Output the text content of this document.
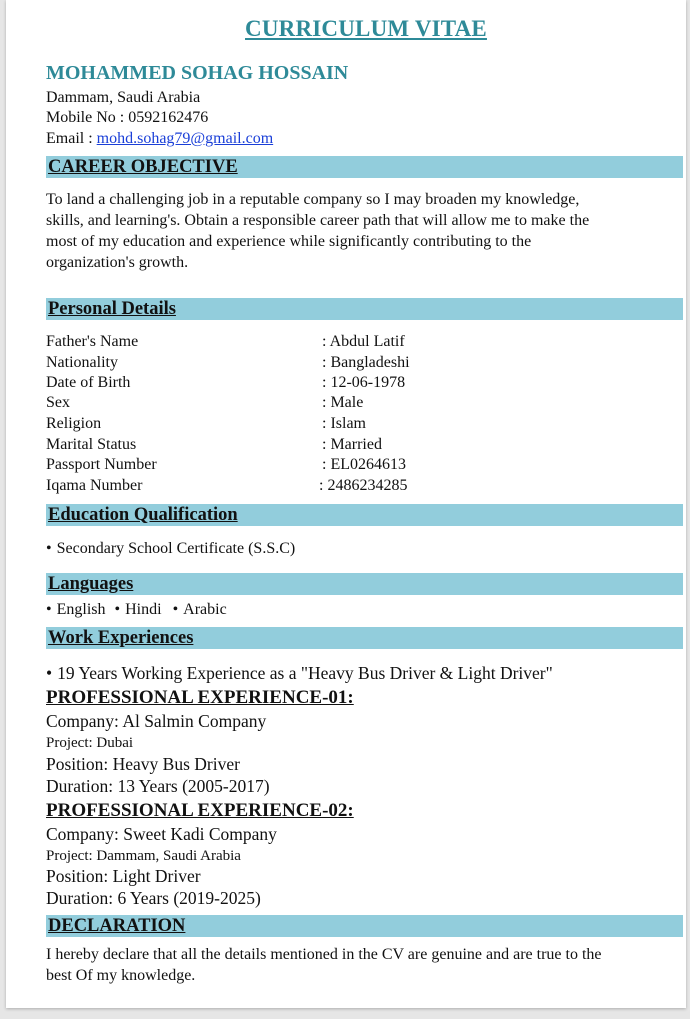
CURRICULUM VITAE
MOHAMMED SOHAG HOSSAIN
Dammam, Saudi Arabia
Mobile No : 0592162476
Email : mohd.sohag79@gmail.com
CAREER OBJECTIVE
To land a challenging job in a reputable company so I may broaden my knowledge,
skills, and learning's. Obtain a responsible career path that will allow me to make the
most of my education and experience while significantly contributing to the
organization's growth.
Personal Details
Father's Name	: Abdul Latif
Nationality	: Bangladeshi
Date of Birth	: 12-06-1978
Sex	: Male
Religion	: Islam
Marital Status	: Married
Passport Number	: EL0264613
Iqama Number	: 2486234285
Education Qualification
• Secondary School Certificate (S.S.C)
Languages
• English • Hindi • Arabic
Work Experiences
• 19 Years Working Experience as a "Heavy Bus Driver & Light Driver"
PROFESSIONAL EXPERIENCE-01:
Company: Al Salmin Company
Project: Dubai
Position: Heavy Bus Driver
Duration: 13 Years (2005-2017)
PROFESSIONAL EXPERIENCE-02:
Company: Sweet Kadi Company
Project: Dammam, Saudi Arabia
Position: Light Driver
Duration: 6 Years (2019-2025)
DECLARATION
I hereby declare that all the details mentioned in the CV are genuine and are true to the
best Of my knowledge.
